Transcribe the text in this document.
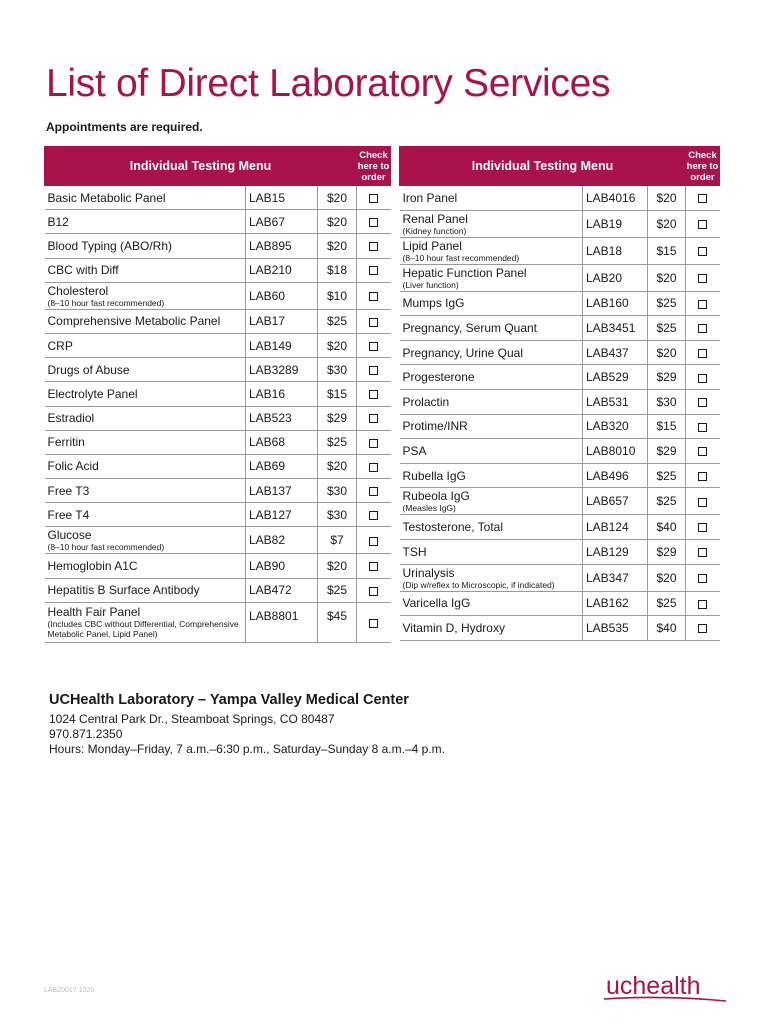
List of Direct Laboratory Services
Appointments are required.
Individual Testing Menu			Check
here to
order

Basic Metabolic Panel	LAB15	$20	

B12	LAB67	$20	

Blood Typing (ABO/Rh)	LAB895	$20	

CBC with Diff	LAB210	$18	

Cholesterol
(8–10 hour fast recommended)	LAB60	$10	

Comprehensive Metabolic Panel	LAB17	$25	

CRP	LAB149	$20	

Drugs of Abuse	LAB3289	$30	

Electrolyte Panel	LAB16	$15	

Estradiol	LAB523	$29	

Ferritin	LAB68	$25	

Folic Acid	LAB69	$20	

Free T3	LAB137	$30	

Free T4	LAB127	$30	

Glucose
(8–10 hour fast recommended)	LAB82	$7	

Hemoglobin A1C	LAB90	$20	

Hepatitis B Surface Antibody	LAB472	$25	

Health Fair Panel
(Includes CBC without Differential, Comprehensive Metabolic Panel, Lipid Panel)	LAB8801	$45	
Individual Testing Menu			Check
here to
order

Iron Panel	LAB4016	$20	

Renal Panel
(Kidney function)	LAB19	$20	

Lipid Panel
(8–10 hour fast recommended)	LAB18	$15	

Hepatic Function Panel
(Liver function)	LAB20	$20	

Mumps IgG	LAB160	$25	

Pregnancy, Serum Quant	LAB3451	$25	

Pregnancy, Urine Qual	LAB437	$20	

Progesterone	LAB529	$29	

Prolactin	LAB531	$30	

Protime/INR	LAB320	$15	

PSA	LAB8010	$29	

Rubella IgG	LAB496	$25	

Rubeola IgG
(Measles IgG)	LAB657	$25	

Testosterone, Total	LAB124	$40	

TSH	LAB129	$29	

Urinalysis
(Dip w/reflex to Microscopic, if indicated)	LAB347	$20	

Varicella IgG	LAB162	$25	

Vitamin D, Hydroxy	LAB535	$40	
UCHealth Laboratory – Yampa Valley Medical Center
1024 Central Park Dr., Steamboat Springs, CO 80487
970.871.2350
Hours: Monday–Friday, 7 a.m.–6:30 p.m., Saturday–Sunday 8 a.m.–4 p.m.
LAB20017 1020	uchealth
